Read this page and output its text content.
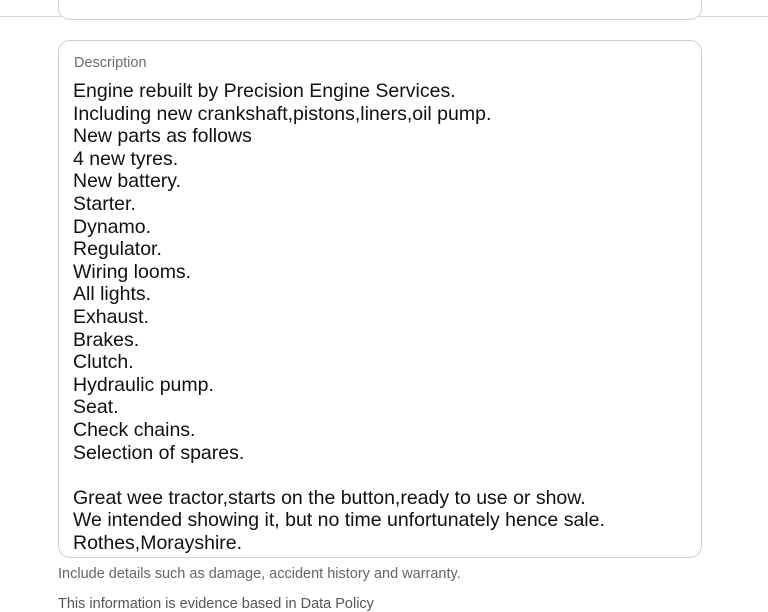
Description
Engine rebuilt by Precision Engine Services. Including new crankshaft,pistons,liners,oil pump. New parts as follows 4 new tyres. New battery. Starter. Dynamo. Regulator. Wiring looms. All lights. Exhaust. Brakes. Clutch. Hydraulic pump. Seat. Check chains. Selection of spares. Great wee tractor,starts on the button,ready to use or show. We intended showing it, but no time unfortunately hence sale. Rothes,Morayshire.
Include details such as damage, accident history and warranty.
This information is evidence based in Data Policy
